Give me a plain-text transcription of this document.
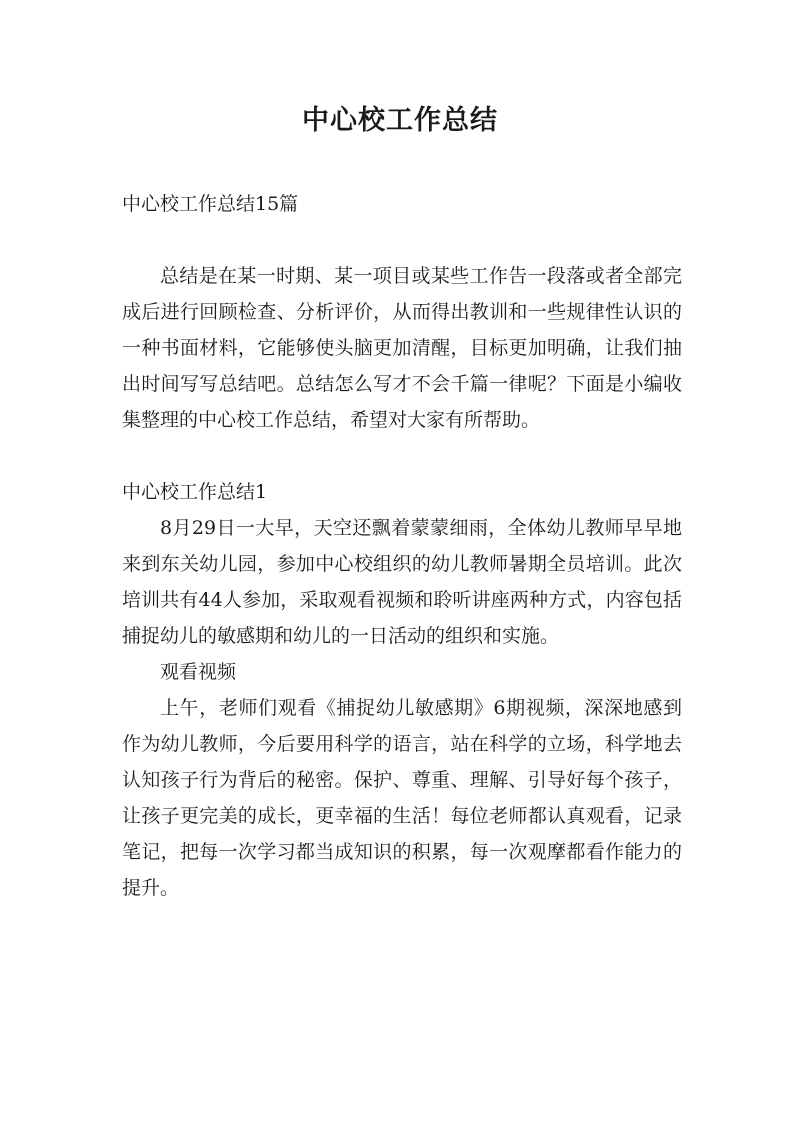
中心校工作总结

中心校工作总结15篇

总结是在某一时期、某一项目或某些工作告一段落或者全部完成后进行回顾检查、分析评价，从而得出教训和一些规律性认识的一种书面材料，它能够使头脑更加清醒，目标更加明确，让我们抽出时间写写总结吧。总结怎么写才不会千篇一律呢？下面是小编收集整理的中心校工作总结，希望对大家有所帮助。

中心校工作总结1

8月29日一大早，天空还飘着蒙蒙细雨，全体幼儿教师早早地来到东关幼儿园，参加中心校组织的幼儿教师暑期全员培训。此次培训共有44人参加，采取观看视频和聆听讲座两种方式，内容包括捕捉幼儿的敏感期和幼儿的一日活动的组织和实施。

观看视频

上午，老师们观看《捕捉幼儿敏感期》6期视频，深深地感到作为幼儿教师，今后要用科学的语言，站在科学的立场，科学地去认知孩子行为背后的秘密。保护、尊重、理解、引导好每个孩子，让孩子更完美的成长，更幸福的生活！每位老师都认真观看，记录笔记，把每一次学习都当成知识的积累，每一次观摩都看作能力的提升。
